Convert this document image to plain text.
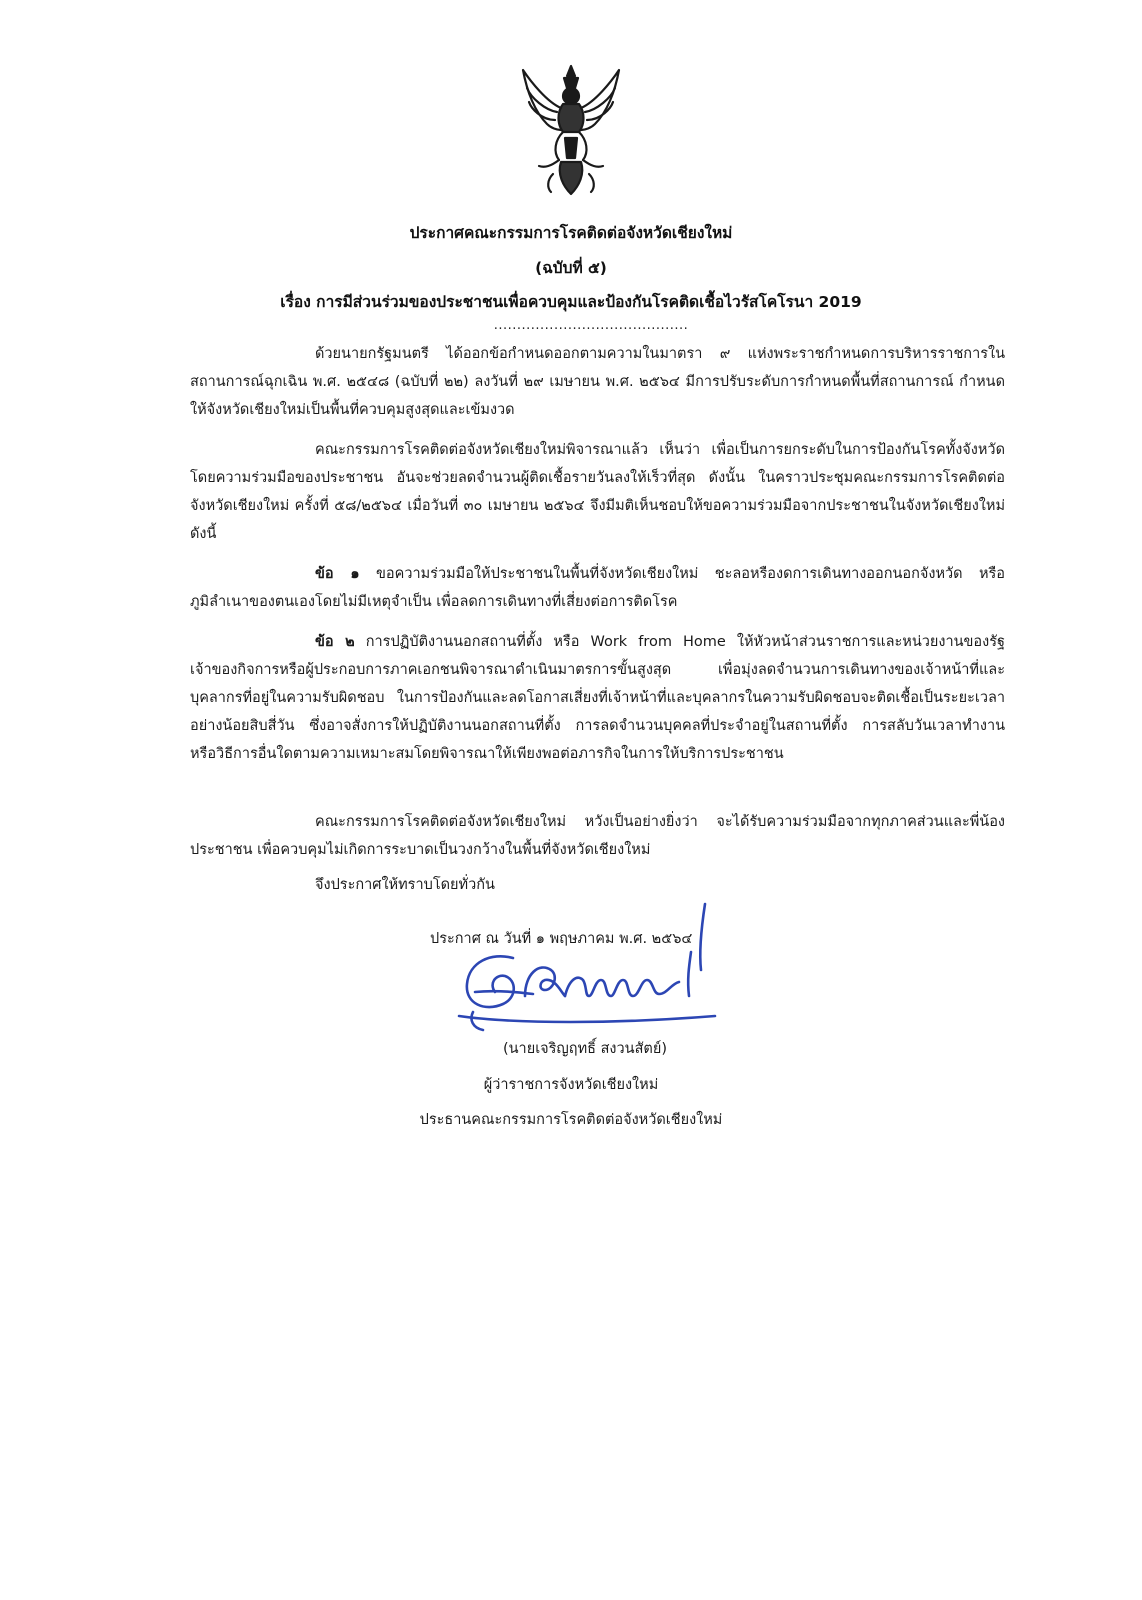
ประกาศคณะกรรมการโรคติดต่อจังหวัดเชียงใหม่
(ฉบับที่ ๕)
เรื่อง การมีส่วนร่วมของประชาชนเพื่อควบคุมและป้องกันโรคติดเชื้อไวรัสโคโรนา 2019
..........................................
ด้วยนายกรัฐมนตรี ได้ออกข้อกำหนดออกตามความในมาตรา ๙ แห่งพระราชกำหนดการบริหารราชการในสถานการณ์ฉุกเฉิน พ.ศ. ๒๕๔๘ (ฉบับที่ ๒๒) ลงวันที่ ๒๙ เมษายน พ.ศ. ๒๕๖๔ มีการปรับระดับการกำหนดพื้นที่สถานการณ์ กำหนดให้จังหวัดเชียงใหม่เป็นพื้นที่ควบคุมสูงสุดและเข้มงวด
คณะกรรมการโรคติดต่อจังหวัดเชียงใหม่พิจารณาแล้ว เห็นว่า เพื่อเป็นการยกระดับในการป้องกันโรคทั้งจังหวัด โดยความร่วมมือของประชาชน อันจะช่วยลดจำนวนผู้ติดเชื้อรายวันลงให้เร็วที่สุด ดังนั้น ในคราวประชุมคณะกรรมการโรคติดต่อจังหวัดเชียงใหม่ ครั้งที่ ๕๘/๒๕๖๔ เมื่อวันที่ ๓๐ เมษายน ๒๕๖๔ จึงมีมติเห็นชอบให้ขอความร่วมมือจากประชาชนในจังหวัดเชียงใหม่ ดังนี้
ข้อ ๑ ขอความร่วมมือให้ประชาชนในพื้นที่จังหวัดเชียงใหม่ ชะลอหรืองดการเดินทางออกนอกจังหวัด หรือภูมิลำเนาของตนเองโดยไม่มีเหตุจำเป็น เพื่อลดการเดินทางที่เสี่ยงต่อการติดโรค
ข้อ ๒ การปฏิบัติงานนอกสถานที่ตั้ง หรือ Work from Home ให้หัวหน้าส่วนราชการและหน่วยงานของรัฐ เจ้าของกิจการหรือผู้ประกอบการภาคเอกชนพิจารณาดำเนินมาตรการขั้นสูงสุด เพื่อมุ่งลดจำนวนการเดินทางของเจ้าหน้าที่และบุคลากรที่อยู่ในความรับผิดชอบ ในการป้องกันและลดโอกาสเสี่ยงที่เจ้าหน้าที่และบุคลากรในความรับผิดชอบจะติดเชื้อเป็นระยะเวลาอย่างน้อยสิบสี่วัน ซึ่งอาจสั่งการให้ปฏิบัติงานนอกสถานที่ตั้ง การลดจำนวนบุคคลที่ประจำอยู่ในสถานที่ตั้ง การสลับวันเวลาทำงาน หรือวิธีการอื่นใดตามความเหมาะสมโดยพิจารณาให้เพียงพอต่อภารกิจในการให้บริการประชาชน
คณะกรรมการโรคติดต่อจังหวัดเชียงใหม่ หวังเป็นอย่างยิ่งว่า จะได้รับความร่วมมือจากทุกภาคส่วนและพี่น้องประชาชน เพื่อควบคุมไม่เกิดการระบาดเป็นวงกว้างในพื้นที่จังหวัดเชียงใหม่
จึงประกาศให้ทราบโดยทั่วกัน
ประกาศ ณ วันที่ ๑ พฤษภาคม พ.ศ. ๒๕๖๔
(นายเจริญฤทธิ์ สงวนสัตย์)
ผู้ว่าราชการจังหวัดเชียงใหม่
ประธานคณะกรรมการโรคติดต่อจังหวัดเชียงใหม่
